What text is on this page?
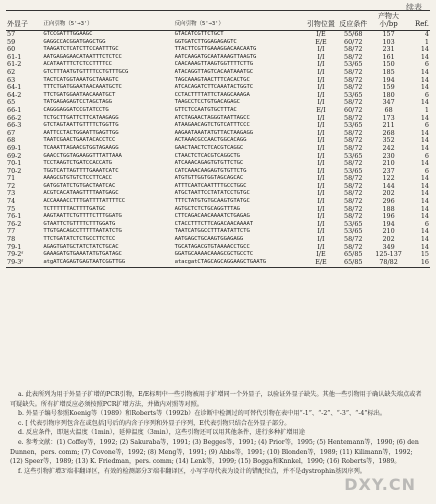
续表
外显子	正向引物（5'→3'）	反向引物（5'→3'）	引物位置	反应条件	产物大小/bp	Ref.
57	GTCCGATTTGGAAGC	GTACATCGTTCTGCT	I/E	55/68	157	4
59	GAGGCCACGGATGAGCTGG	GGTGATCTTGGAGAGAGTC	E/E	60/72	103	1
60	TAAGATCTCATCTTCCAATTTGC	TTACTTCGTTGAAAGGACAACAATG	I/I	58/72	231	14
61-1	AATGAGAGAACATAATTTCTCTCC	AATCAAGATGCAATAAAGTTAAGTG	I/I	58/72	161	14
61-2	ACATAATTTCTCTCCTTTTCC	CAACAAAGTTAAGTGGTTTTCTTG	I/I	53/65	150	6
62	GTCTTTAATGTGTTTTCCTGTTTGCG	ATACAGGTTAGTCACAATAAATGC	I/I	58/72	185	14
63	TACTCATGGTAAATGCTAAAGTC	TAGCAAAGTAACTTTCACACTGC	I/I	58/72	194	14
64-1	TTTCTGATGGAATAACAAATGCTC	ATCACAGATCTTCAAATACTGGTC	I/I	58/72	159	14
64-2	TTCTGATGGAATAACAAATGCT	CCTACTTTTATTCTAAGCAAAGA	I/I	53/65	180	6
65	TATGAGAGAGTCCTAGCTAGG	TAAGCCTCCTGTGACAGAGC	I/I	58/72	347	14
66-1	CAGGGAGGATCCGTATCCTG	GTTCTCCAATGTGCTTTAC	E/I	60/72	68	1
66-2	TCTGCTTGATTCTTCATAAGAGG	ATCTAGAACTAGGGTAATTAGCC	I/I	58/72	173	14
66-3	GTCTAGTAATTGTTTTCTGGTTG	ATAAGAACAGTCTGTCATTTCCC	I/I	53/65	211	6
67	AATTCCTACTGGAATTGAGTTGG	AAGAATAAATATGTTACTAAGAGG	I/I	58/72	268	14
68	TAATCGAACTGAATACACCTCC	ACTAAACGCCAACTGGCACAGG	I/I	58/72	352	14
69-1	TCAAATTAGAACGTGGTAGAAGG	GAACTAACTCTCACGTCAGGC	I/I	58/72	242	14
69-2	GAACCTGGTAGAAGGTTTATTAAA	CTAACTCTCACGTCAGGCTG	I/I	53/65	230	6
70-1	TCCTAAGTCTGATCCACCATG	ATCAAACAGAGTGTGTTCTGC	I/I	58/72	210	14
70-2	TGGTCATTAGTTTTGAAATCATC	CATCAAACAAGAGTGTGTTCTG	I/I	53/65	237	6
71	AAAGCGTGTGTCTCCTTCACC	ATGTGTTGGTGGTAGCAGCAC	I/I	58/72	122	14
72	GATGGTATCTGTGACTAATCAC	ATTTCAATCAATTTTGCCTGGC	I/I	58/72	144	14
73	ACGTCACATAAGTTTTAATGAGC	ATGCTAATTCCTATATCCTGTGC	I/I	58/72	202	14
74	ACCAAAACCTTTGATTTTATTTTCC	TTTCTATGTGTGCAAGTGTATGC	I/I	58/72	296	14
75	TCTTTTTTACTTTTGATGC	AGTGCTCTCTGCAGGTTTAG	I/I	58/72	188	14
76-1	AAGTAATTCTGTTTTCTTTGGATG	CTTCAGACAACAAAATCTGAGAG	I/I	58/72	196	14
76-2	GTAATTCTGTTTTCTTTGGATG	CTACCTTTCTTCAGACAACAAAAT	I/I	53/65	194	6
77	TTGTGACAGCCTTTTTAATATCTG	TAATCATGGCCTTTAATATTCTG	I/I	53/65	210	14
78	TTCTGATATCTCTGCCTTCTCC	AATGAGCTGCAAGTGGAGAGG	I/I	58/72	202	14
79-1	AGAGTGATGCTATCTATCTGCAC	TGCATAGACGTGTAAAACCTGCC	I/I	58/72	349	14
79-2ᶠ	GAAAGATGTGAAATATGTGATAGC	GGATGCAAAACAAAGCGCTGCCTC	I/E	65/85	125-137	15
79-3ᶠ	atgATCAGAGTGAGTAATCGGTTGG	atacgatCTAGCAGCAGGAAGCTGAATG	E/E	65/85	78/82	16

a. 此表所列为用于外显子扩增的PCR引物，E/E标明中一些引物被用于扩增同一个外显子，以验证外显子缺失。其他一些引物用于确认缺失端点或者可疑缺失。所有扩增反应必须按照PCR扩增方法，并做内对照等对照。

b. 外显子编号参照Koenig等（1989）和Roberts等（1992b）在诊断中检测过的可替代引物在表中用“-1”、“-2”、“-3”、“-4”标出。

c. [ 代表引物序列包含在或包括]号后的内含子序列和外显子序列，E代表引物只结合在外显子部分。

d. 反应条件，即退火温度（1min），延伸温度（3min），这些引物还可以用其他条件，进行多种扩增用途

e. 参考文献：(1) Coffey等，1992; (2) Sakuraba等，1991; (3) Begges等，1991; (4) Prior等，1995; (5) Hentemann等，1990; (6) den Dunnen，pers. comm; (7) Covone等，1992; (8) Meng等，1991; (9) Abbs等，1991; (10) Blonden等，1989; (11) Kilimann等，1992; (12) Speer等，1989; (13) K. Friedman，pers. comm; (14) Lenk等，1999; (15) Bogga和Knnkel，1990; (16) Roberts等，1989。

f. 这些引物扩增3'端非翻译区，有效的检测部分3'端非翻译区，小写字母代表为设计的错配位点，并不是dystrophin基因序列。

DXY.CN
